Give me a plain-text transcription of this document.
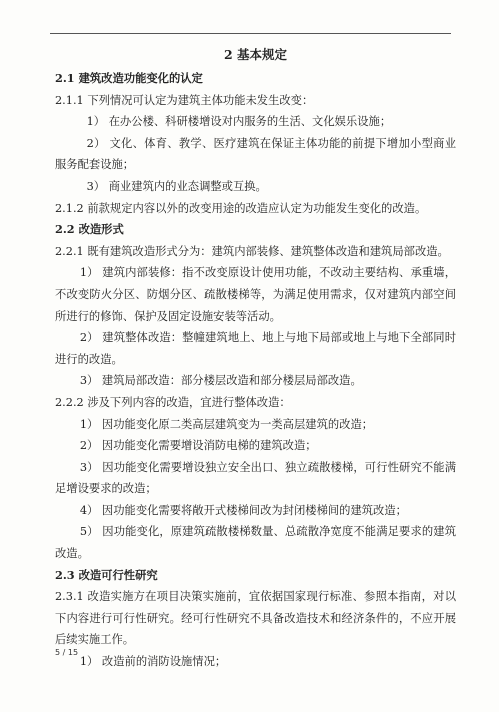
2 基本规定
2.1 建筑改造功能变化的认定
2.1.1 下列情况可认定为建筑主体功能未发生改变：
1） 在办公楼、科研楼增设对内服务的生活、文化娱乐设施；
2） 文化、体育、教学、医疗建筑在保证主体功能的前提下增加小型商业服务配套设施；
3） 商业建筑内的业态调整或互换。
2.1.2 前款规定内容以外的改变用途的改造应认定为功能发生变化的改造。
2.2 改造形式
2.2.1 既有建筑改造形式分为：建筑内部装修、建筑整体改造和建筑局部改造。
1） 建筑内部装修：指不改变原设计使用功能，不改动主要结构、承重墙，不改变防火分区、防烟分区、疏散楼梯等，为满足使用需求，仅对建筑内部空间所进行的修饰、保护及固定设施安装等活动。
2） 建筑整体改造：整幢建筑地上、地上与地下局部或地上与地下全部同时进行的改造。
3） 建筑局部改造：部分楼层改造和部分楼层局部改造。
2.2.2 涉及下列内容的改造，宜进行整体改造：
1） 因功能变化原二类高层建筑变为一类高层建筑的改造；
2） 因功能变化需要增设消防电梯的建筑改造；
3） 因功能变化需要增设独立安全出口、独立疏散楼梯，可行性研究不能满足增设要求的改造；
4） 因功能变化需要将敞开式楼梯间改为封闭楼梯间的建筑改造；
5） 因功能变化，原建筑疏散楼梯数量、总疏散净宽度不能满足要求的建筑改造。
2.3 改造可行性研究
2.3.1 改造实施方在项目决策实施前，宜依据国家现行标准、参照本指南，对以下内容进行可行性研究。经可行性研究不具备改造技术和经济条件的，不应开展后续实施工作。
1） 改造前的消防设施情况；
5 / 15
